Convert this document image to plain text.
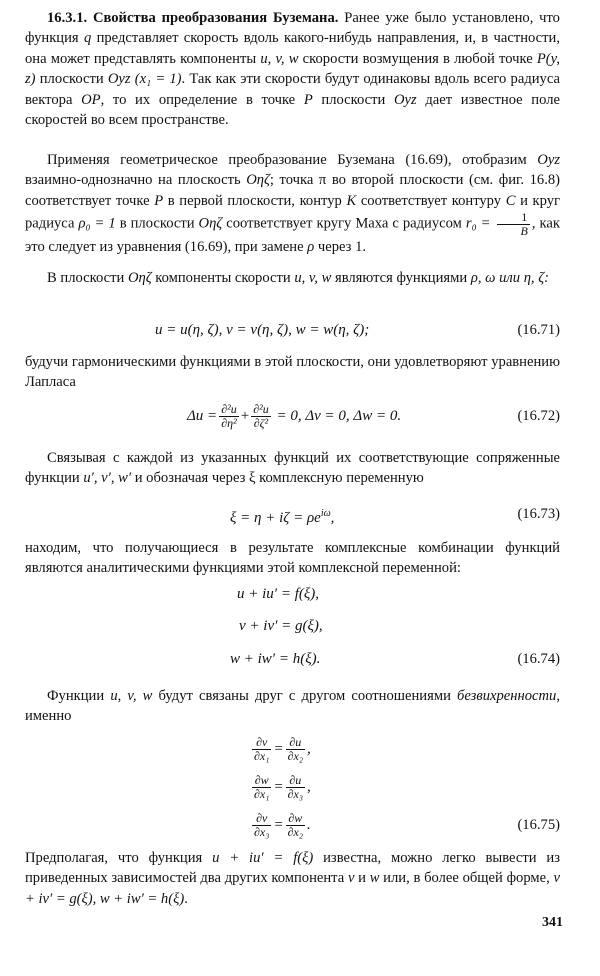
16.3.1. Свойства преобразования Буземана. Ранее уже было установлено, что функция q представляет скорость вдоль какого-нибудь направления, и, в частности, она может представлять компоненты u, v, w скорости возмущения в любой точке P(y, z) плоскости Oyz (x₁ = 1). Так как эти скорости будут одинаковы вдоль всего радиуса вектора OP, то их определение в точке P плоскости Oyz дает известное поле скоростей во всем пространстве.

Применяя геометрическое преобразование Буземана (16.69), отобразим Oyz взаимно-однозначно на плоскость Oηζ; точка π во второй плоскости (см. фиг. 16.8) соответствует точке P в первой плоскости, контур K соответствует контуру C и круг радиуса ρ₀ = 1 в плоскости Oηζ соответствует кругу Маха с радиусом $r_0 = \frac{1}{B}$ , как это следует из уравнения (16.69), при замене ρ через 1.

В плоскости Oηζ компоненты скорости u, v, w являются функциями ρ, ω или η, ζ:

u = u(η, ζ), v = v(η, ζ), w = w(η, ζ);	(16.71)

будучи гармоническими функциями в этой плоскости, они удовлетворяют уравнению Лапласа

$\Delta u = \frac{\text{∂²u}}{\text{∂η²}} + \frac{\text{∂²u}}{\text{∂ζ²}} = 0$, Δv = 0, Δw = 0.	(16.72)

Связывая с каждой из указанных функций их соответствующие сопряженные функции u′, v′, w′ и обозначая через ξ комплексную переменную

$\xi = \eta + i\zeta = \rho e^{i\omega}$,	(16.73)

находим, что получающиеся в результате комплексные комбинации функций являются аналитическими функциями этой комплексной переменной:

u + iu′ = f(ξ),
v + iv′ = g(ξ),
w + iw′ = h(ξ).	(16.74)

Функции u, v, w будут связаны друг с другом соотношениями безвихренности, именно

$\frac{\partial v}{\text{∂x₁}} = \frac{\partial u}{\text{∂x₂}}$ ,
$\frac{\partial w}{\text{∂x₁}} = \frac{\partial u}{\text{∂x₃}}$ ,
$\frac{\partial v}{\text{∂x₃}} = \frac{\partial w}{\text{∂x₂}}$ .	(16.75)

Предполагая, что функция u + iu′ = f(ξ) известна, можно легко вывести из приведенных зависимостей два других компонента v и w или, в более общей форме, v + iv′ = g(ξ), w + iw′ = h(ξ).

341
